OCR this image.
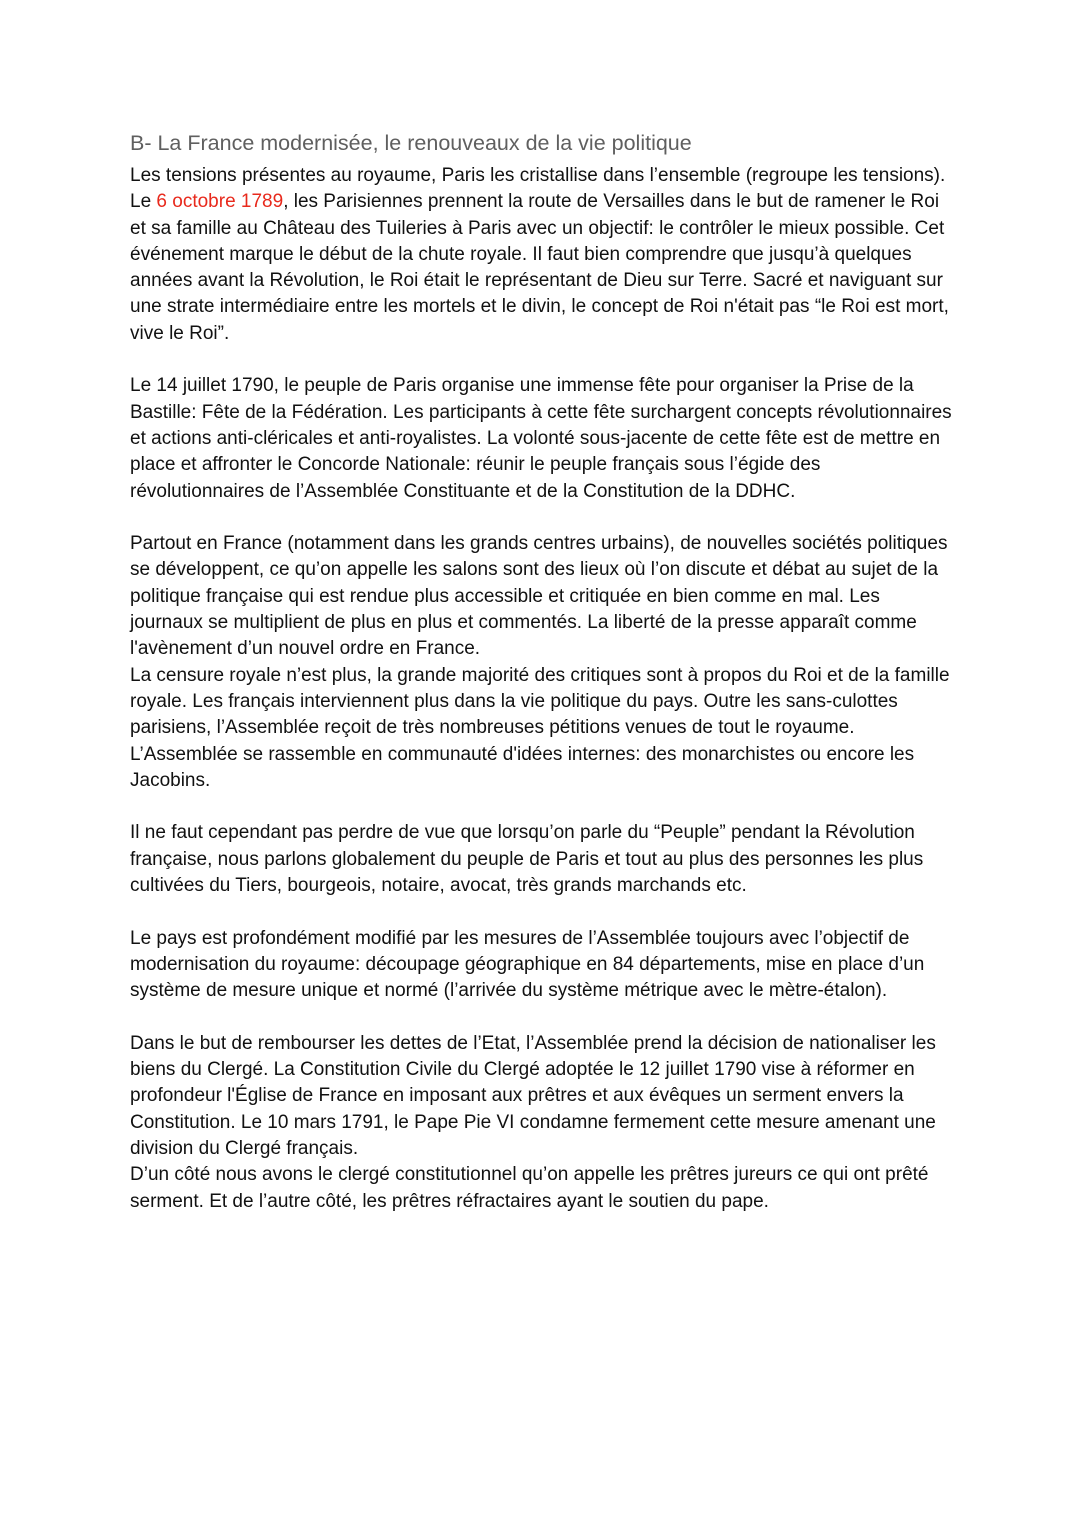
B- La France modernisée, le renouveaux de la vie politique

Les tensions présentes au royaume, Paris les cristallise dans l’ensemble (regroupe les tensions). Le 6 octobre 1789, les Parisiennes prennent la route de Versailles dans le but de ramener le Roi et sa famille au Château des Tuileries à Paris avec un objectif: le contrôler le mieux possible. Cet événement marque le début de la chute royale. Il faut bien comprendre que jusqu’à quelques années avant la Révolution, le Roi était le représentant de Dieu sur Terre. Sacré et naviguant sur une strate intermédiaire entre les mortels et le divin, le concept de Roi n'était pas “le Roi est mort, vive le Roi”.

Le 14 juillet 1790, le peuple de Paris organise une immense fête pour organiser la Prise de la Bastille: Fête de la Fédération. Les participants à cette fête surchargent concepts révolutionnaires et actions anti-cléricales et anti-royalistes. La volonté sous-jacente de cette fête est de mettre en place et affronter le Concorde Nationale: réunir le peuple français sous l’égide des révolutionnaires de l’Assemblée Constituante et de la Constitution de la DDHC.

Partout en France (notamment dans les grands centres urbains), de nouvelles sociétés politiques se développent, ce qu’on appelle les salons sont des lieux où l’on discute et débat au sujet de la politique française qui est rendue plus accessible et critiquée en bien comme en mal. Les journaux se multiplient de plus en plus et commentés. La liberté de la presse apparaît comme l'avènement d’un nouvel ordre en France.

La censure royale n’est plus, la grande majorité des critiques sont à propos du Roi et de la famille royale. Les français interviennent plus dans la vie politique du pays. Outre les sans-culottes parisiens, l’Assemblée reçoit de très nombreuses pétitions venues de tout le royaume. L’Assemblée se rassemble en communauté d'idées internes: des monarchistes ou encore les Jacobins.

Il ne faut cependant pas perdre de vue que lorsqu’on parle du “Peuple” pendant la Révolution française, nous parlons globalement du peuple de Paris et tout au plus des personnes les plus cultivées du Tiers, bourgeois, notaire, avocat, très grands marchands etc.

Le pays est profondément modifié par les mesures de l’Assemblée toujours avec l’objectif de modernisation du royaume: découpage géographique en 84 départements, mise en place d’un système de mesure unique et normé (l’arrivée du système métrique avec le mètre-étalon).

Dans le but de rembourser les dettes de l’Etat, l’Assemblée prend la décision de nationaliser les biens du Clergé. La Constitution Civile du Clergé adoptée le 12 juillet 1790 vise à réformer en profondeur l'Église de France en imposant aux prêtres et aux évêques un serment envers la Constitution. Le 10 mars 1791, le Pape Pie VI condamne fermement cette mesure amenant une division du Clergé français.

D’un côté nous avons le clergé constitutionnel qu’on appelle les prêtres jureurs ce qui ont prêté serment. Et de l’autre côté, les prêtres réfractaires ayant le soutien du pape.
